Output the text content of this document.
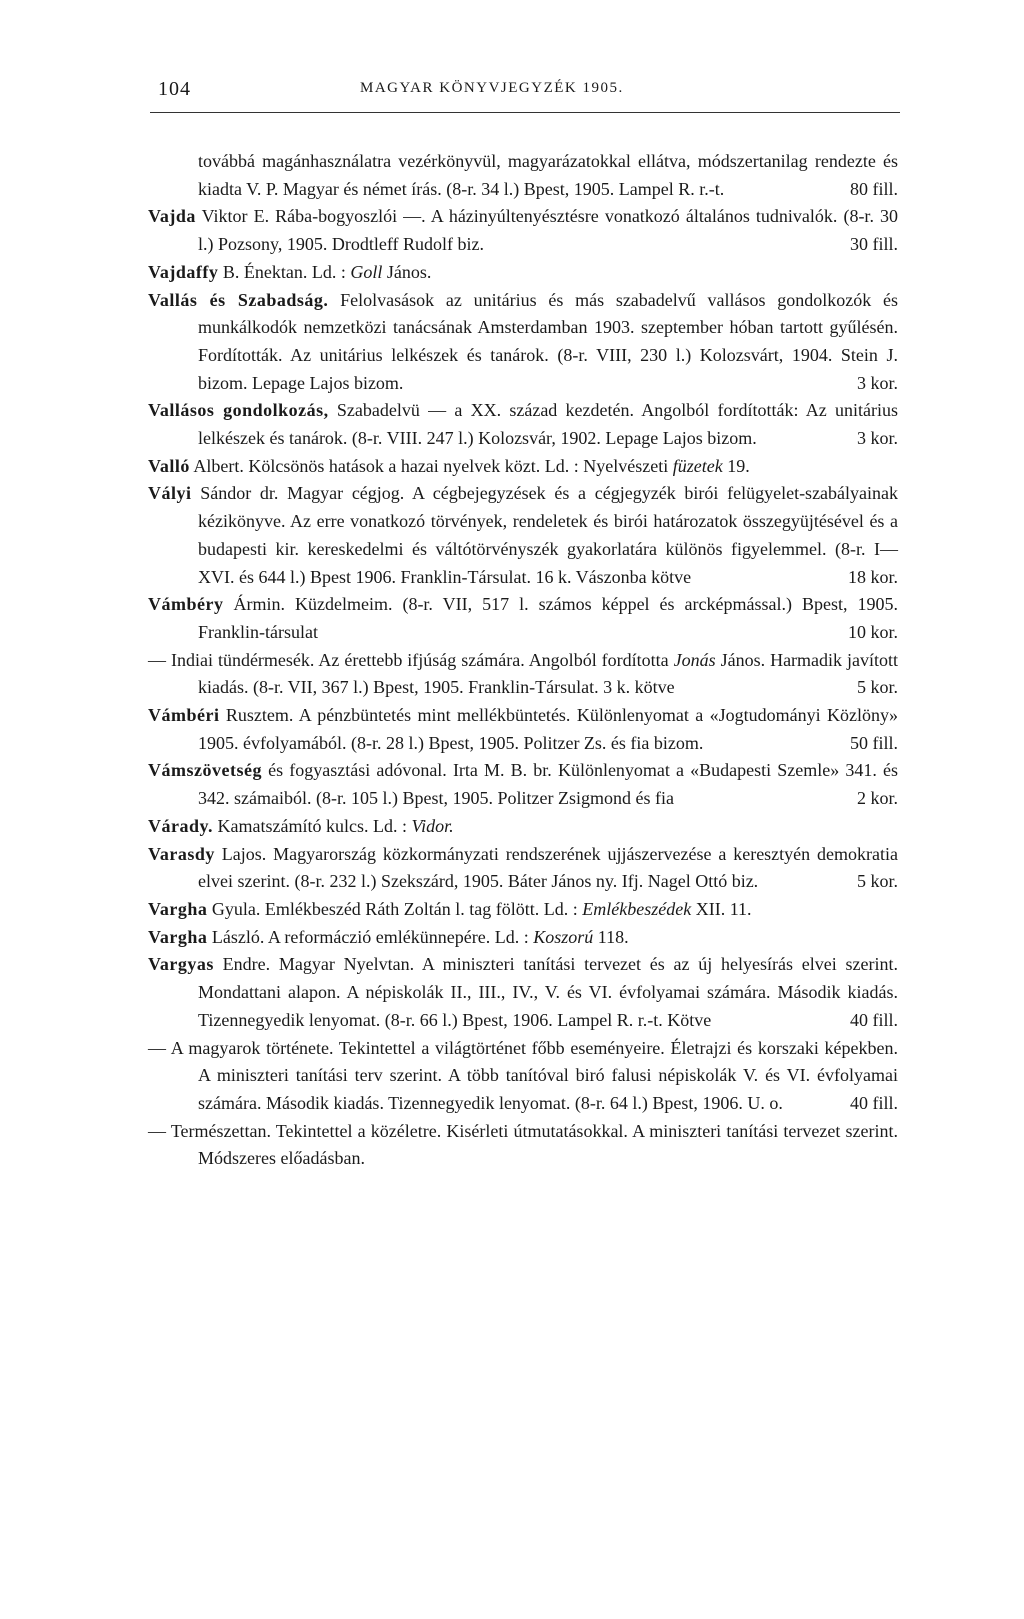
104	MAGYAR KÖNYVJEGYZÉK 1905.

továbbá magánhasználatra vezérkönyvül, magyarázatokkal ellátva, módszertanilag rendezte és kiadta V. P. Magyar és német írás. (8-r. 34 l.) Bpest, 1905. Lampel R. r.-t.	80 fill.

Vajda Viktor E. Rába-bogyoszlói —. A házinyúltenyésztésre vonatkozó általános tudnivalók. (8-r. 30 l.) Pozsony, 1905. Drodtleff Rudolf biz.	30 fill.

Vajdaffy B. Énektan. Ld. : Goll János.

Vallás és Szabadság. Felolvasások az unitárius és más szabadelvű vallásos gondolkozók és munkálkodók nemzetközi tanácsának Amsterdamban 1903. szeptember hóban tartott gyűlésén. Fordították. Az unitárius lelkészek és tanárok. (8-r. VIII, 230 l.) Kolozsvárt, 1904. Stein J. bizom. Lepage Lajos bizom.	3 kor.

Vallásos gondolkozás, Szabadelvü — a XX. század kezdetén. Angolból fordították: Az unitárius lelkészek és tanárok. (8-r. VIII. 247 l.) Kolozsvár, 1902. Lepage Lajos bizom.	3 kor.

Valló Albert. Kölcsönös hatások a hazai nyelvek közt. Ld. : Nyelvészeti füzetek 19.

Vályi Sándor dr. Magyar cégjog. A cégbejegyzések és a cégjegyzék birói felügyelet-szabályainak kézikönyve. Az erre vonatkozó törvények, rendeletek és birói határozatok összegyüjtésével és a budapesti kir. kereskedelmi és váltótörvényszék gyakorlatára különös figyelemmel. (8-r. I—XVI. és 644 l.) Bpest 1906. Franklin-Társulat. 16 k. Vászonba kötve	18 kor.

Vámbéry Ármin. Küzdelmeim. (8-r. VII, 517 l. számos képpel és arcképmással.) Bpest, 1905. Franklin-társulat	10 kor.

— Indiai tündérmesék. Az érettebb ifjúság számára. Angolból fordította Jonás János. Harmadik javított kiadás. (8-r. VII, 367 l.) Bpest, 1905. Franklin-Társulat. 3 k. kötve	5 kor.

Vámbéri Rusztem. A pénzbüntetés mint mellékbüntetés. Különlenyomat a «Jogtudományi Közlöny» 1905. évfolyamából. (8-r. 28 l.) Bpest, 1905. Politzer Zs. és fia bizom.	50 fill.

Vámszövetség és fogyasztási adóvonal. Irta M. B. br. Különlenyomat a «Budapesti Szemle» 341. és 342. számaiból. (8-r. 105 l.) Bpest, 1905. Politzer Zsigmond és fia	2 kor.

Várady. Kamatszámító kulcs. Ld. : Vidor.

Varasdy Lajos. Magyarország közkormányzati rendszerének ujjászervezése a keresztyén demokratia elvei szerint. (8-r. 232 l.) Szekszárd, 1905. Báter János ny. Ifj. Nagel Ottó biz.	5 kor.

Vargha Gyula. Emlékbeszéd Ráth Zoltán l. tag fölött. Ld. : Emlékbeszédek XII. 11.

Vargha László. A reformáczió emlékünnepére. Ld. : Koszorú 118.

Vargyas Endre. Magyar Nyelvtan. A miniszteri tanítási tervezet és az új helyesírás elvei szerint. Mondattani alapon. A népiskolák II., III., IV., V. és VI. évfolyamai számára. Második kiadás. Tizennegyedik lenyomat. (8-r. 66 l.) Bpest, 1906. Lampel R. r.-t. Kötve	40 fill.

— A magyarok története. Tekintettel a világtörténet főbb eseményeire. Életrajzi és korszaki képekben. A miniszteri tanítási terv szerint. A több tanítóval biró falusi népiskolák V. és VI. évfolyamai számára. Második kiadás. Tizennegyedik lenyomat. (8-r. 64 l.) Bpest, 1906. U. o.	40 fill.

— Természettan. Tekintettel a közéletre. Kisérleti útmutatásokkal. A miniszteri tanítási tervezet szerint. Módszeres előadásban.
